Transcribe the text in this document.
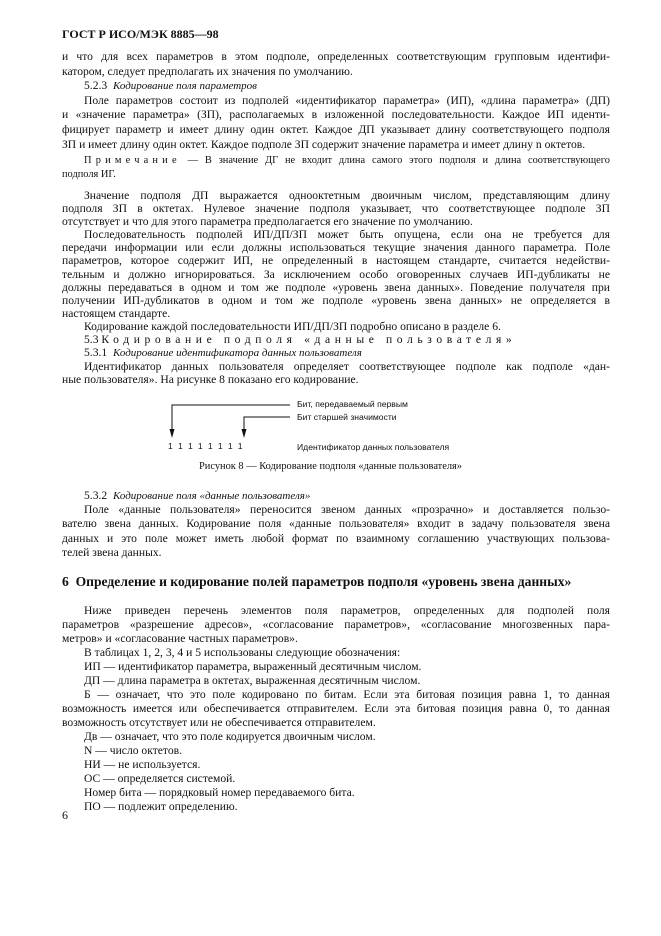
ГОСТ Р ИСО/МЭК 8885—98
и что для всех параметров в этом подполе, определенных соответствующим групповым идентифи-
катором, следует предполагать их значения по умолчанию.
5.2.3 Кодирование поля параметров
Поле параметров состоит из подполей «идентификатор параметра» (ИП), «длина параметра» (ДП)
и «значение параметра» (ЗП), располагаемых в изложенной последовательности. Каждое ИП иденти-
фицирует параметр и имеет длину один октет. Каждое ДП указывает длину соответствующего подполя
ЗП и имеет длину один октет. Каждое подполе ЗП содержит значение параметра и имеет длину n октетов.
Примечание — В значение ДГ не входит длина самого этого подполя и длина соответствующего
подполя ИГ.
Значение подполя ДП выражается однооктетным двоичным числом, представляющим длину
подполя ЗП в октетах. Нулевое значение подполя указывает, что соответствующее подполе ЗП
отсутствует и что для этого параметра предполагается его значение по умолчанию.
Последовательность подполей ИП/ДП/ЗП может быть опущена, если она не требуется для
передачи информации или если должны использоваться текущие значения данного параметра. Поле
параметров, которое содержит ИП, не определенный в настоящем стандарте, считается недействи-
тельным и должно игнорироваться. За исключением особо оговоренных случаев ИП-дубликаты не
должны передаваться в одном и том же подполе «уровень звена данных». Поведение получателя при
получении ИП-дубликатов в одном и том же подполе «уровень звена данных» не определяется в
настоящем стандарте.
Кодирование каждой последовательности ИП/ДП/ЗП подробно описано в разделе 6.
5.3 Кодирование подполя «данные пользователя»
5.3.1 Кодирование идентификатора данных пользователя
Идентификатор данных пользователя определяет соответствующее подполе как подполе «дан-
ные пользователя». На рисунке 8 показано его кодирование.
Бит, передаваемый первым
Бит старшей значимости
1 1 1 1 1 1 1 1	Идентификатор данных пользователя
Рисунок 8 — Кодирование подполя «данные пользователя»
5.3.2 Кодирование поля «данные пользователя»
Поле «данные пользователя» переносится звеном данных «прозрачно» и доставляется пользо-
вателю звена данных. Кодирование поля «данные пользователя» входит в задачу пользователя звена
данных и это поле может иметь любой формат по взаимному соглашению участвующих пользова-
телей звена данных.
6 Определение и кодирование полей параметров подполя «уровень звена данных»
Ниже приведен перечень элементов поля параметров, определенных для подполей поля
параметров «разрешение адресов», «согласование параметров», «согласование многозвенных пара-
метров» и «согласование частных параметров».
В таблицах 1, 2, 3, 4 и 5 использованы следующие обозначения:
ИП — идентификатор параметра, выраженный десятичным числом.
ДП — длина параметра в октетах, выраженная десятичным числом.
Б — означает, что это поле кодировано по битам. Если эта битовая позиция равна 1, то данная
возможность имеется или обеспечивается отправителем. Если эта битовая позиция равна 0, то данная
возможность отсутствует или не обеспечивается отправителем.
Дв — означает, что это поле кодируется двоичным числом.
N — число октетов.
НИ — не используется.
ОС — определяется системой.
Номер бита — порядковый номер передаваемого бита.
ПО — подлежит определению.
6
